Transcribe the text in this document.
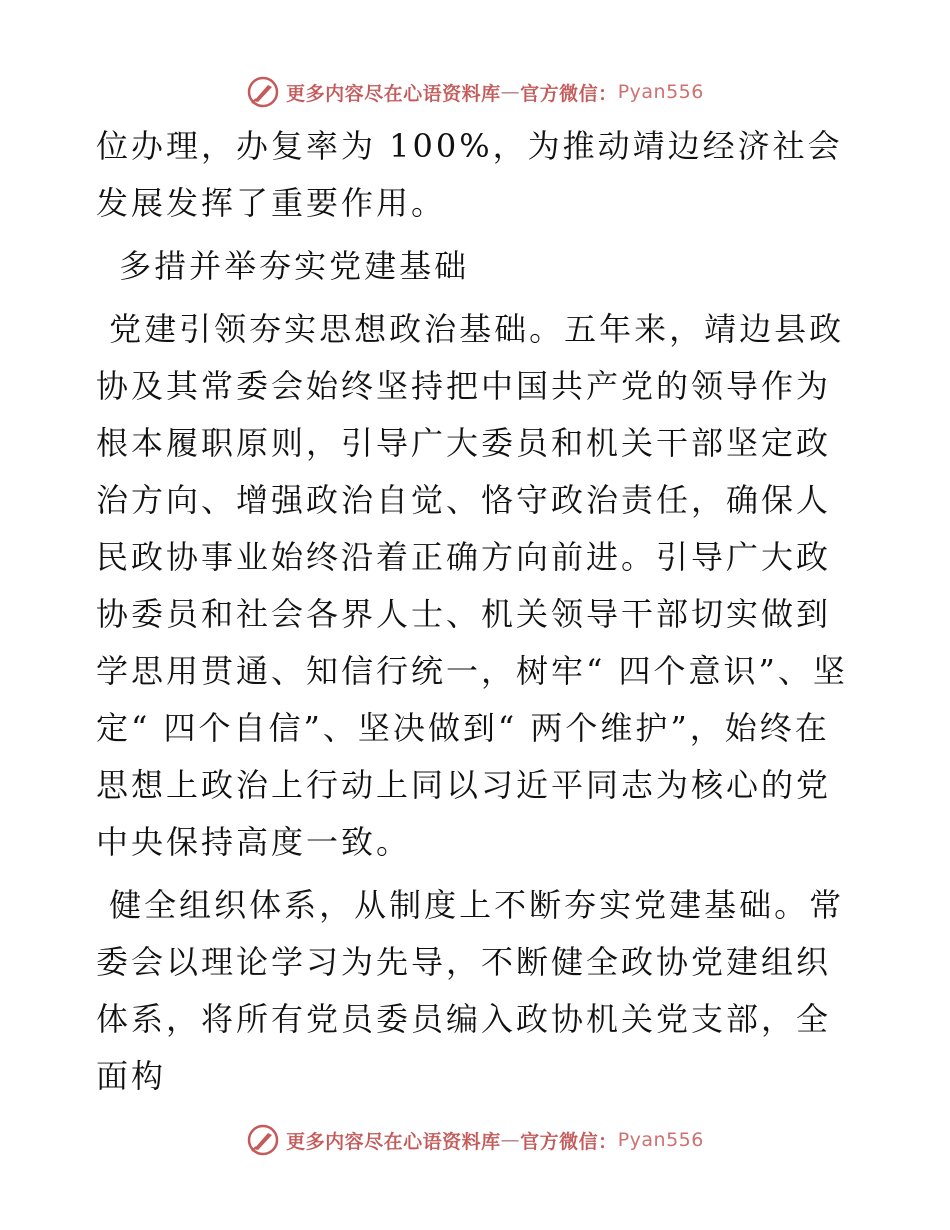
更多内容尽在心语资料库 — 官方微信： Pyan556

位办理，办复率为 100%，为推动靖边经济社会发展发挥了重要作用。

多措并举夯实党建基础

党建引领夯实思想政治基础。五年来，靖边县政协及其常委会始终坚持把中国共产党的领导作为根本履职原则，引导广大委员和机关干部坚定政治方向、增强政治自觉、恪守政治责任，确保人民政协事业始终沿着正确方向前进。引导广大政协委员和社会各界人士、机关领导干部切实做到学思用贯通、知信行统一，树牢“ 四个意识”、坚定“ 四个自信”、坚决做到“ 两个维护”，始终在思想上政治上行动上同以习近平同志为核心的党中央保持高度一致。

健全组织体系，从制度上不断夯实党建基础。常委会以理论学习为先导，不断健全政协党建组织体系，将所有党员委员编入政协机关党支部，全面构

更多内容尽在心语资料库 — 官方微信： Pyan556
